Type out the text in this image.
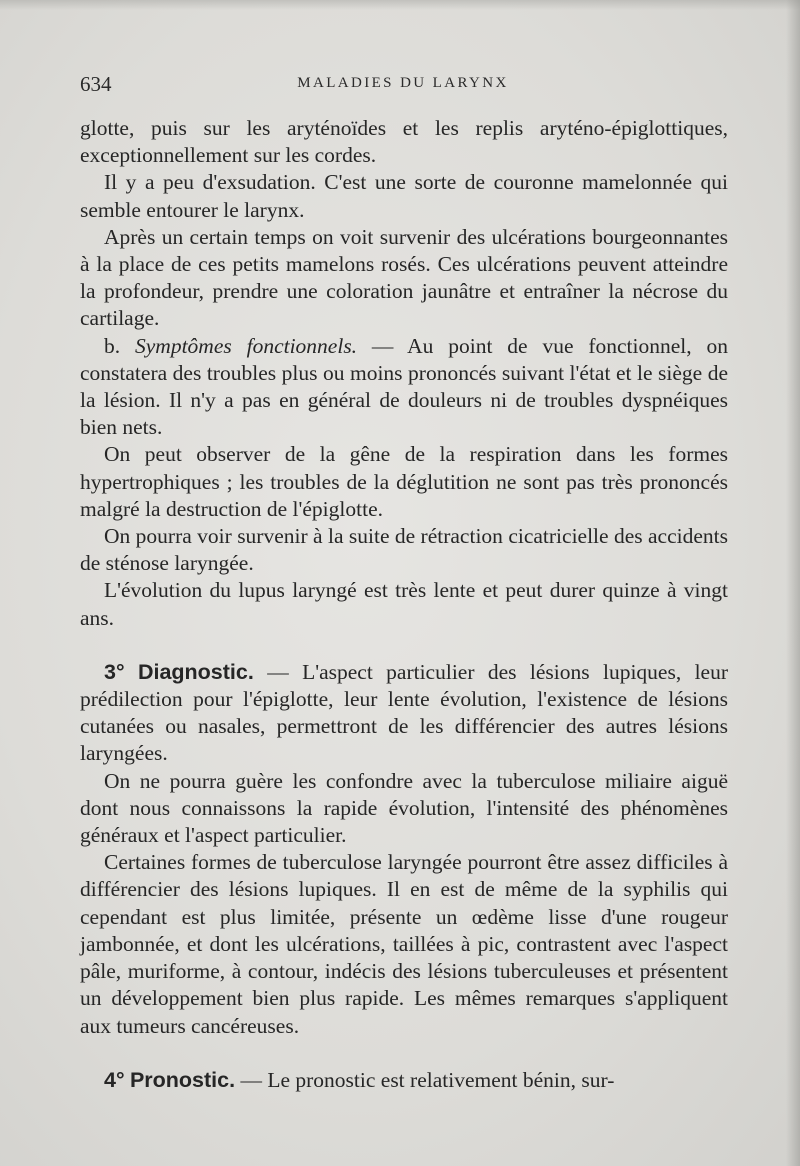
634	MALADIES DU LARYNX

glotte, puis sur les aryténoïdes et les replis aryténo-épiglottiques, exceptionnellement sur les cordes.

Il y a peu d'exsudation. C'est une sorte de couronne mamelonnée qui semble entourer le larynx.

Après un certain temps on voit survenir des ulcérations bourgeonnantes à la place de ces petits mamelons rosés. Ces ulcérations peuvent atteindre la profondeur, prendre une coloration jaunâtre et entraîner la nécrose du cartilage.

b. Symptômes fonctionnels. — Au point de vue fonctionnel, on constatera des troubles plus ou moins prononcés suivant l'état et le siège de la lésion. Il n'y a pas en général de douleurs ni de troubles dyspnéiques bien nets.

On peut observer de la gêne de la respiration dans les formes hypertrophiques ; les troubles de la déglutition ne sont pas très prononcés malgré la destruction de l'épiglotte.

On pourra voir survenir à la suite de rétraction cicatricielle des accidents de sténose laryngée.

L'évolution du lupus laryngé est très lente et peut durer quinze à vingt ans.

3° Diagnostic. — L'aspect particulier des lésions lupiques, leur prédilection pour l'épiglotte, leur lente évolution, l'existence de lésions cutanées ou nasales, permettront de les différencier des autres lésions laryngées.

On ne pourra guère les confondre avec la tuberculose miliaire aiguë dont nous connaissons la rapide évolution, l'intensité des phénomènes généraux et l'aspect particulier.

Certaines formes de tuberculose laryngée pourront être assez difficiles à différencier des lésions lupiques. Il en est de même de la syphilis qui cependant est plus limitée, présente un œdème lisse d'une rougeur jambonnée, et dont les ulcérations, taillées à pic, contrastent avec l'aspect pâle, muriforme, à contour, indécis des lésions tuberculeuses et présentent un développement bien plus rapide. Les mêmes remarques s'appliquent aux tumeurs cancéreuses.

4° Pronostic. — Le pronostic est relativement bénin, sur-
